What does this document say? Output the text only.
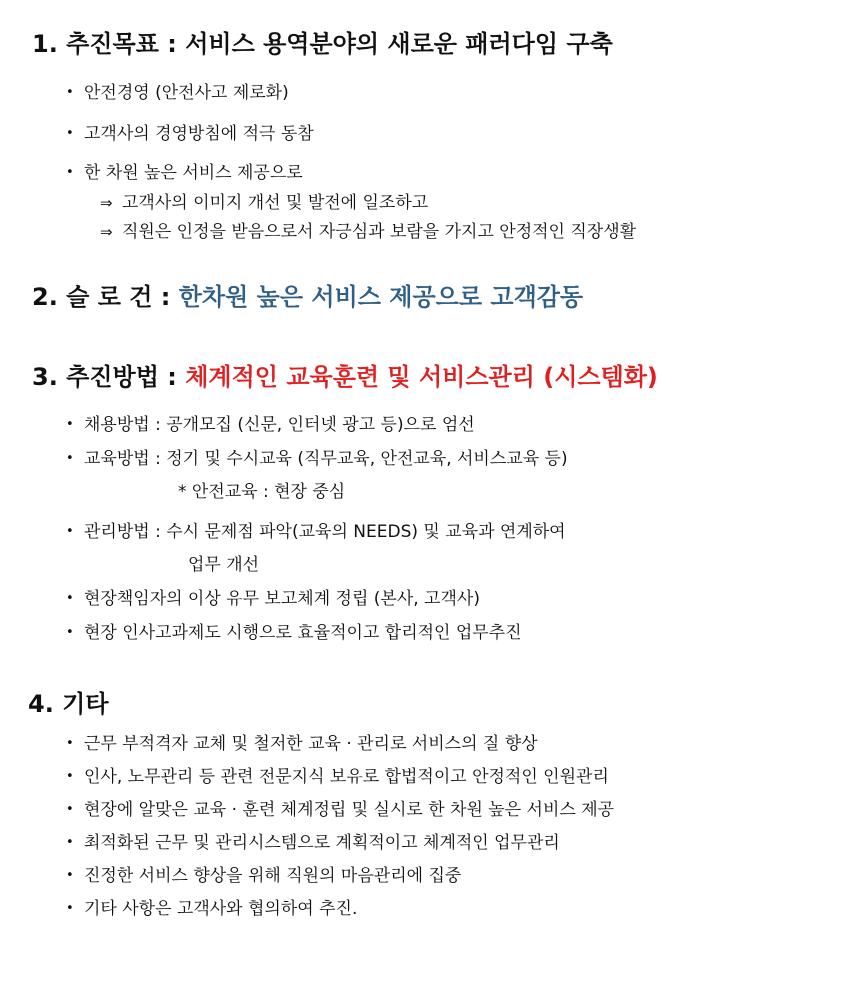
1. 추진목표 : 서비스 용역분야의 새로운 패러다임 구축
• 안전경영 (안전사고 제로화)
• 고객사의 경영방침에 적극 동참
• 한 차원 높은 서비스 제공으로
⇒ 고객사의 이미지 개선 및 발전에 일조하고
⇒ 직원은 인정을 받음으로서 자긍심과 보람을 가지고 안정적인 직장생활
2. 슬 로 건 : 한차원 높은 서비스 제공으로 고객감동
3. 추진방법 : 체계적인 교육훈련 및 서비스관리 (시스템화)
• 채용방법 : 공개모집 (신문, 인터넷 광고 등)으로 엄선
• 교육방법 : 정기 및 수시교육 (직무교육, 안전교육, 서비스교육 등)
* 안전교육 : 현장 중심
• 관리방법 : 수시 문제점 파악(교육의 NEEDS) 및 교육과 연계하여
업무 개선
• 현장책임자의 이상 유무 보고체계 정립 (본사, 고객사)
• 현장 인사고과제도 시행으로 효율적이고 합리적인 업무추진
4. 기타
• 근무 부적격자 교체 및 철저한 교육 · 관리로 서비스의 질 향상
• 인사, 노무관리 등 관련 전문지식 보유로 합법적이고 안정적인 인원관리
• 현장에 알맞은 교육 · 훈련 체계정립 및 실시로 한 차원 높은 서비스 제공
• 최적화된 근무 및 관리시스템으로 계획적이고 체계적인 업무관리
• 진정한 서비스 향상을 위해 직원의 마음관리에 집중
• 기타 사항은 고객사와 협의하여 추진.
